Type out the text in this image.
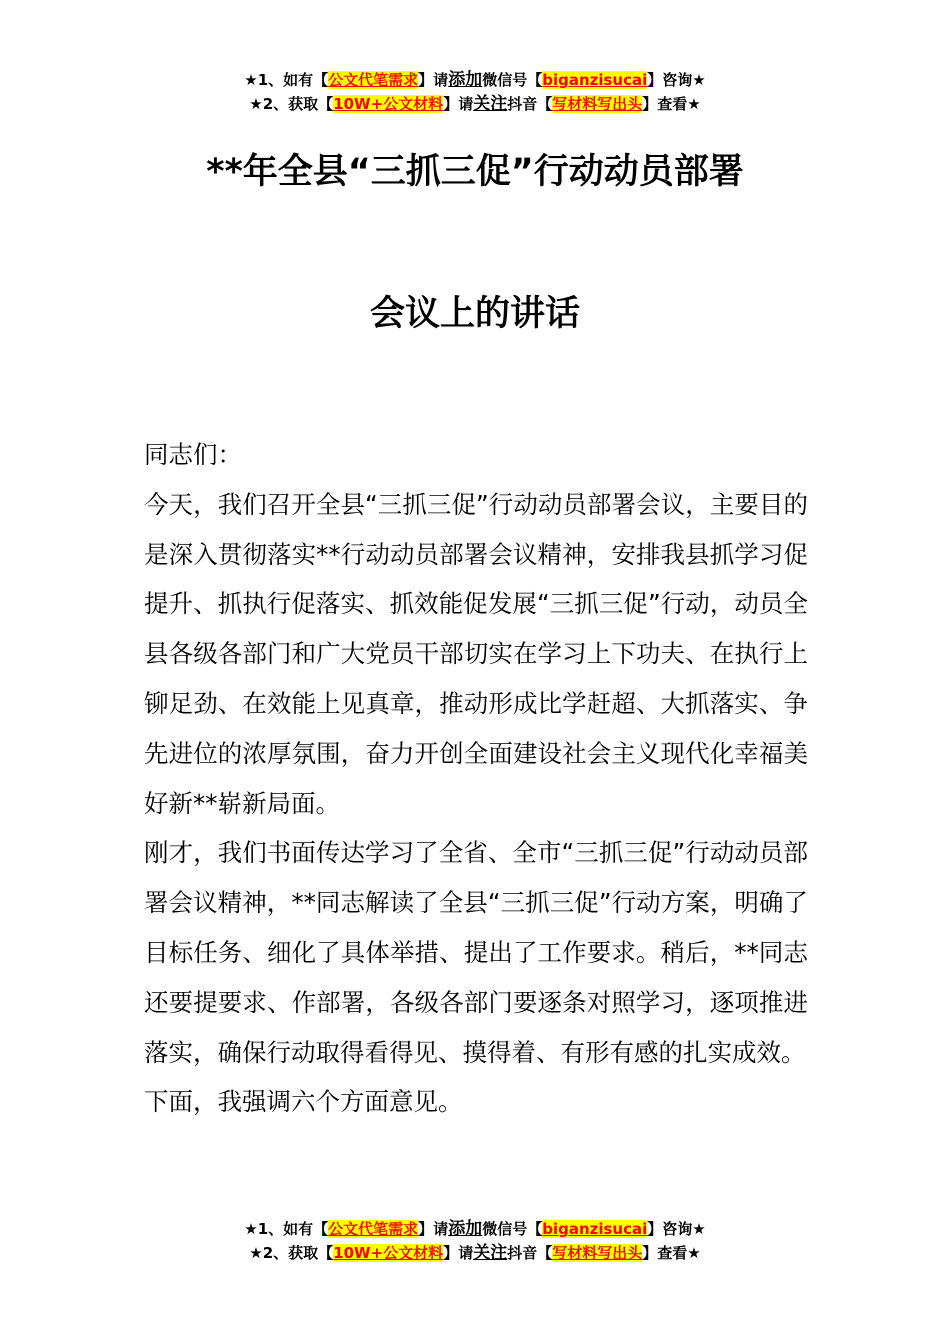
★1、如有【公文代笔需求】请添加微信号【biganzisucai】咨询★
★2、获取【10W+公文材料】请关注抖音【写材料写出头】查看★
**年全县“三抓三促”行动动员部署
会议上的讲话

同志们：

今天，我们召开全县“三抓三促”行动动员部署会议，主要目的是深入贯彻落实**行动动员部署会议精神，安排我县抓学习促提升、抓执行促落实、抓效能促发展“三抓三促”行动，动员全县各级各部门和广大党员干部切实在学习上下功夫、在执行上铆足劲、在效能上见真章，推动形成比学赶超、大抓落实、争先进位的浓厚氛围，奋力开创全面建设社会主义现代化幸福美好新**崭新局面。

刚才，我们书面传达学习了全省、全市“三抓三促”行动动员部署会议精神，**同志解读了全县“三抓三促”行动方案，明确了目标任务、细化了具体举措、提出了工作要求。稍后，**同志还要提要求、作部署，各级各部门要逐条对照学习，逐项推进落实，确保行动取得看得见、摸得着、有形有感的扎实成效。

下面，我强调六个方面意见。

★1、如有【公文代笔需求】请添加微信号【biganzisucai】咨询★
★2、获取【10W+公文材料】请关注抖音【写材料写出头】查看★
